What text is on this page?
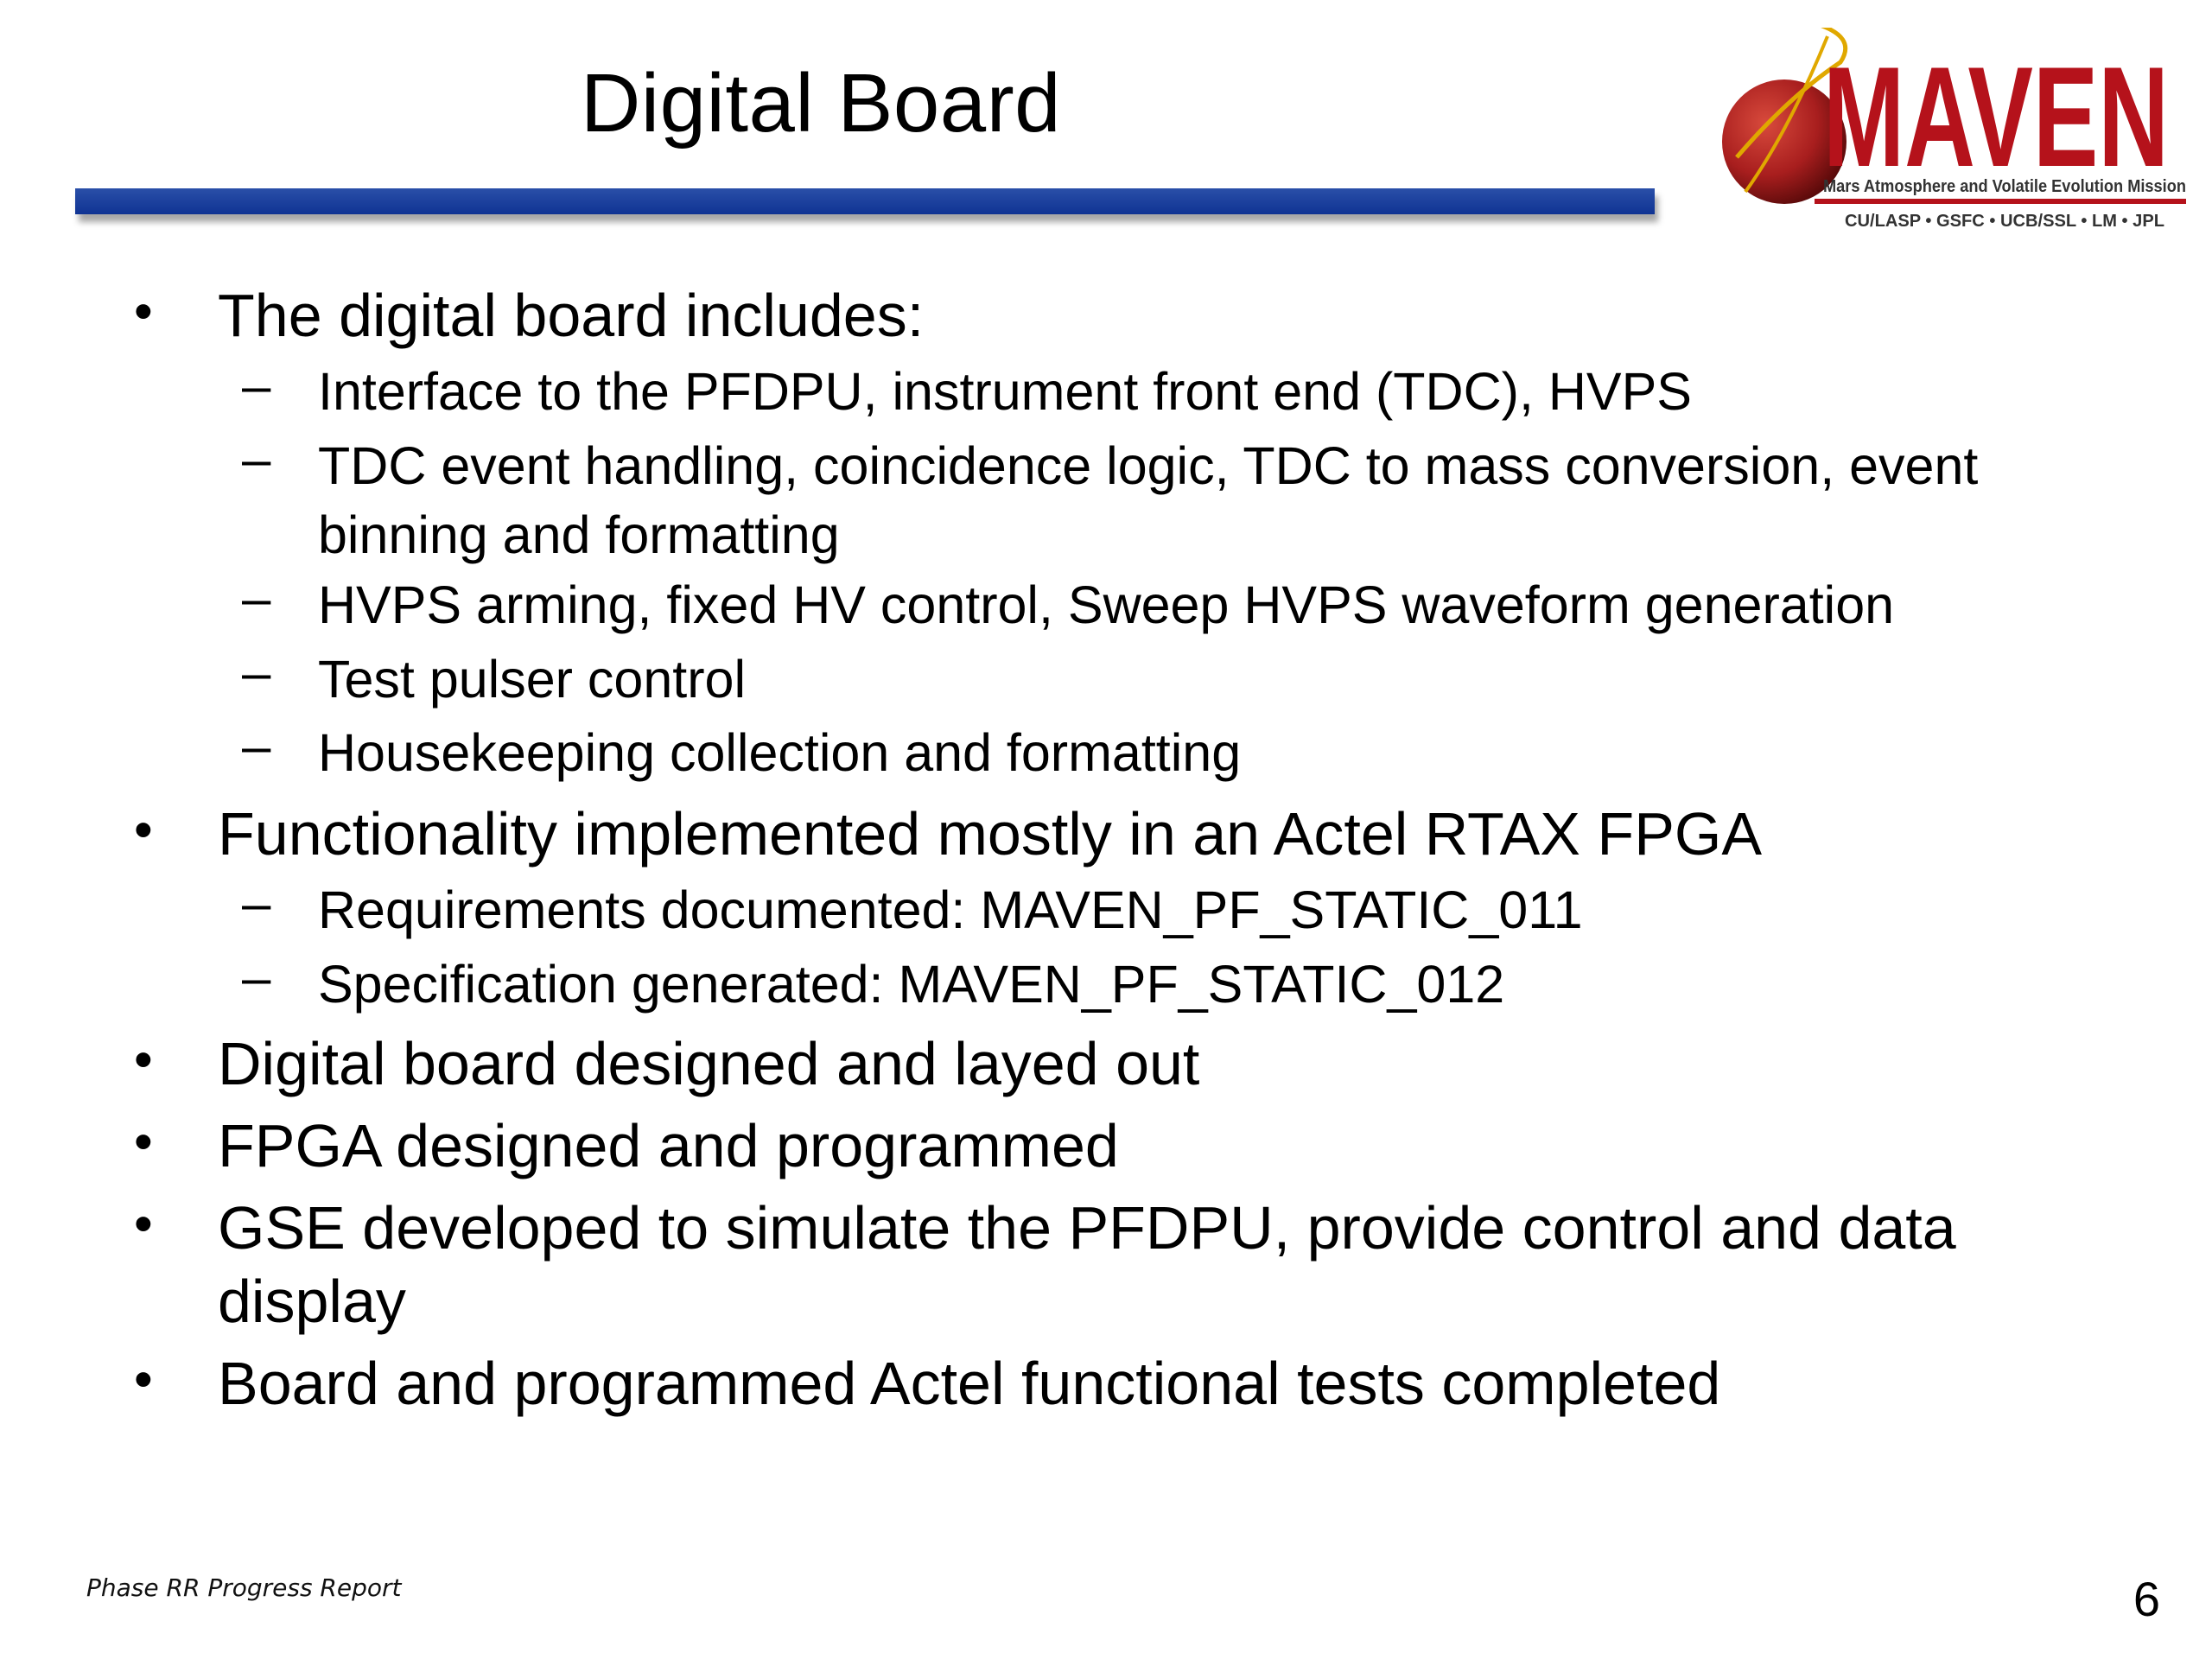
Digital Board	MAVEN
Mars Atmosphere and Volatile Evolution Mission
CU/LASP • GSFC • UCB/SSL • LM • JPL
• The digital board includes:
– Interface to the PFDPU, instrument front end (TDC), HVPS
– TDC event handling, coincidence logic, TDC to mass conversion, event
binning and formatting
– HVPS arming, fixed HV control, Sweep HVPS waveform generation
– Test pulser control
– Housekeeping collection and formatting
• Functionality implemented mostly in an Actel RTAX FPGA
– Requirements documented: MAVEN_PF_STATIC_011
– Specification generated: MAVEN_PF_STATIC_012
• Digital board designed and layed out
• FPGA designed and programmed
• GSE developed to simulate the PFDPU, provide control and data
display
• Board and programmed Actel functional tests completed
Phase RR Progress Report	6
